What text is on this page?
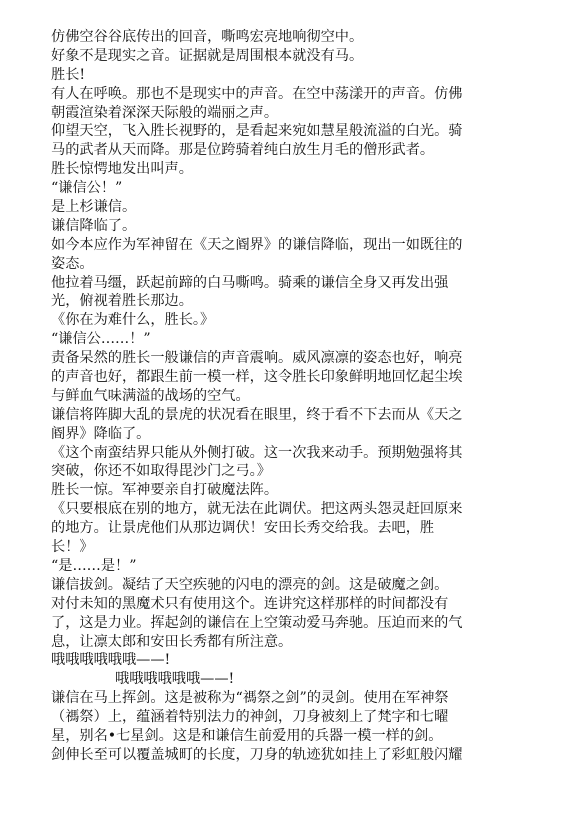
仿佛空谷谷底传出的回音，嘶鸣宏亮地响彻空中。
好象不是现实之音。证据就是周围根本就没有马。
胜长!
有人在呼唤。那也不是现实中的声音。在空中荡漾开的声音。仿佛
朝霞渲染着深深天际般的端丽之声。
仰望天空，飞入胜长视野的，是看起来宛如慧星般流溢的白光。骑
马的武者从天而降。那是位跨骑着纯白放生月毛的僧形武者。
胜长惊愕地发出叫声。
“谦信公！”
是上杉谦信。
谦信降临了。
如今本应作为军神留在《天之阍界》的谦信降临，现出一如既往的
姿态。
他拉着马缰，跃起前蹄的白马嘶鸣。骑乘的谦信全身又再发出强
光，俯视着胜长那边。
《你在为难什么，胜长。》
“谦信公……！”
责备呆然的胜长一般谦信的声音震响。威风凛凛的姿态也好，响亮
的声音也好，都跟生前一模一样，这令胜长印象鲜明地回忆起尘埃
与鲜血气味满溢的战场的空气。
谦信将阵脚大乱的景虎的状况看在眼里，终于看不下去而从《天之
阍界》降临了。
《这个南蛮结界只能从外侧打破。这一次我来动手。预期勉强将其
突破，你还不如取得毘沙门之弓。》
胜长一惊。军神要亲自打破魔法阵。
《只要根底在别的地方，就无法在此调伏。把这两头怨灵赶回原来
的地方。让景虎他们从那边调伏！安田长秀交给我。去吧，胜
长！》
“是……是！”
谦信拔剑。凝结了天空疾驰的闪电的漂亮的剑。这是破魔之剑。
对付未知的黑魔术只有使用这个。连讲究这样那样的时间都没有
了，这是力业。挥起剑的谦信在上空策动爱马奔驰。压迫而来的气
息，让凛太郎和安田长秀都有所注意。
哦哦哦哦哦哦——!
哦哦哦哦哦哦——!
谦信在马上挥剑。这是被称为“禡祭之剑”的灵剑。使用在军神祭
（禡祭）上，蕴涵着特别法力的神剑，刀身被刻上了梵字和七曜
星，别名•七星剑。这是和谦信生前爱用的兵器一模一样的剑。
剑伸长至可以覆盖城町的长度，刀身的轨迹犹如挂上了彩虹般闪耀
